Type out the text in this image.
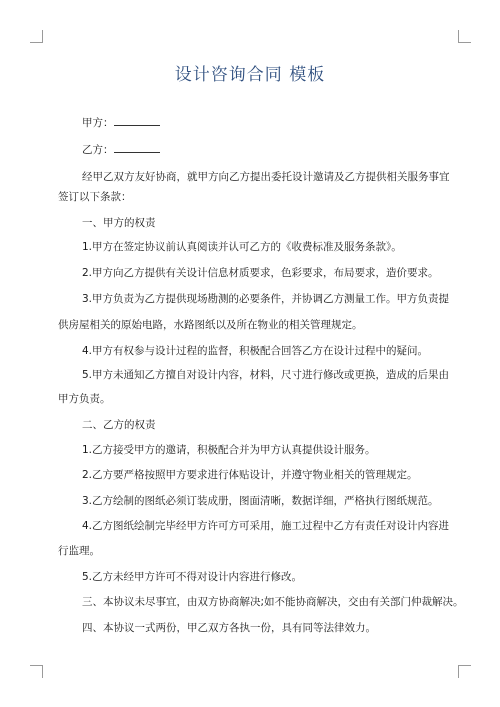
设计咨询合同 模板
甲方：
乙方：
经甲乙双方友好协商，就甲方向乙方提出委托设计邀请及乙方提供相关服务事宜
签订以下条款：
一、甲方的权责
1.甲方在签定协议前认真阅读并认可乙方的《收费标准及服务条款》。
2.甲方向乙方提供有关设计信息材质要求，色彩要求，布局要求，造价要求。
3.甲方负责为乙方提供现场勘测的必要条件，并协调乙方测量工作。甲方负责提
供房屋相关的原始电路，水路图纸以及所在物业的相关管理规定。
4.甲方有权参与设计过程的监督，积极配合回答乙方在设计过程中的疑问。
5.甲方未通知乙方擅自对设计内容，材料，尺寸进行修改或更换，造成的后果由
甲方负责。
二、乙方的权责
1.乙方接受甲方的邀请，积极配合并为甲方认真提供设计服务。
2.乙方要严格按照甲方要求进行体贴设计，并遵守物业相关的管理规定。
3.乙方绘制的图纸必须订装成册，图面清晰，数据详细，严格执行图纸规范。
4.乙方图纸绘制完毕经甲方许可方可采用，施工过程中乙方有责任对设计内容进
行监理。
5.乙方未经甲方许可不得对设计内容进行修改。
三、本协议未尽事宜，由双方协商解决;如不能协商解决，交由有关部门仲裁解决。
四、本协议一式两份，甲乙双方各执一份，具有同等法律效力。
